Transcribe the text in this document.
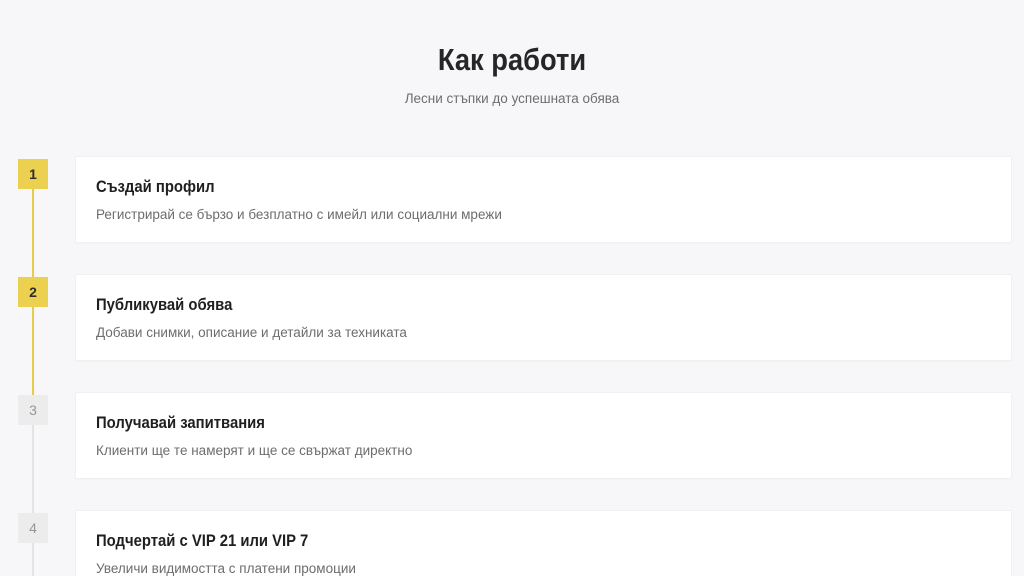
Как работи

Лесни стъпки до успешната обява

1
Създай профил

Регистрирай се бързо и безплатно с имейл или социални мрежи

2
Публикувай обява

Добави снимки, описание и детайли за техниката

3
Получавай запитвания

Клиенти ще те намерят и ще се свържат директно

4
Подчертай с VIP 21 или VIP 7

Увеличи видимостта с платени промоции
